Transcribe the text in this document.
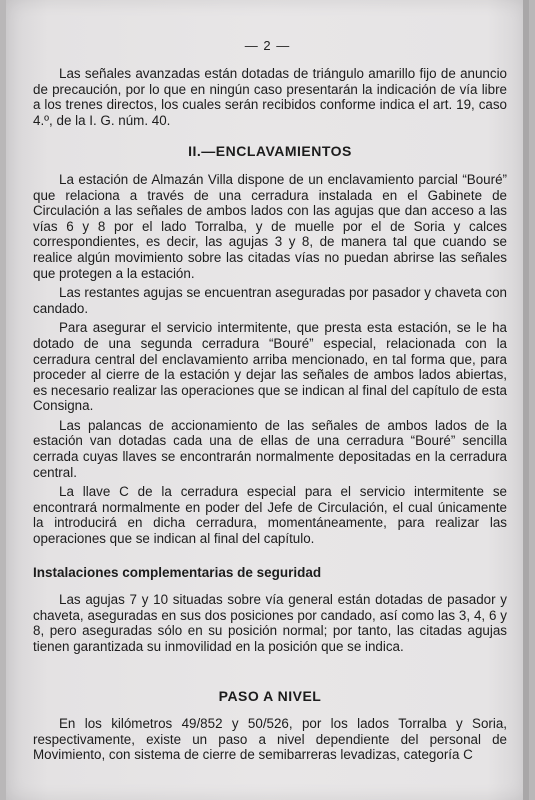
— 2 —

Las señales avanzadas están dotadas de triángulo amarillo fijo de anuncio de precaución, por lo que en ningún caso presentarán la indicación de vía libre a los trenes directos, los cuales serán recibidos conforme indica el art. 19, caso 4.º, de la I. G. núm. 40.

II.—ENCLAVAMIENTOS

La estación de Almazán Villa dispone de un enclavamiento parcial “Bouré” que relaciona a través de una cerradura instalada en el Gabinete de Circulación a las señales de ambos lados con las agujas que dan acceso a las vías 6 y 8 por el lado Torralba, y de muelle por el de Soria y calces correspondientes, es decir, las agujas 3 y 8, de manera tal que cuando se realice algún movimiento sobre las citadas vías no puedan abrirse las señales que protegen a la estación.

Las restantes agujas se encuentran aseguradas por pasador y chaveta con candado.

Para asegurar el servicio intermitente, que presta esta estación, se le ha dotado de una segunda cerradura “Bouré” especial, relacionada con la cerradura central del enclavamiento arriba mencionado, en tal forma que, para proceder al cierre de la estación y dejar las señales de ambos lados abiertas, es necesario realizar las operaciones que se indican al final del capítulo de esta Consigna.

Las palancas de accionamiento de las señales de ambos lados de la estación van dotadas cada una de ellas de una cerradura “Bouré” sencilla cerrada cuyas llaves se encontrarán normalmente depositadas en la cerradura central.

La llave C de la cerradura especial para el servicio intermitente se encontrará normalmente en poder del Jefe de Circulación, el cual únicamente la introducirá en dicha cerradura, momentáneamente, para realizar las operaciones que se indican al final del capítulo.

Instalaciones complementarias de seguridad

Las agujas 7 y 10 situadas sobre vía general están dotadas de pasador y chaveta, aseguradas en sus dos posiciones por candado, así como las 3, 4, 6 y 8, pero aseguradas sólo en su posición normal; por tanto, las citadas agujas tienen garantizada su inmovilidad en la posición que se indica.

PASO A NIVEL

En los kilómetros 49/852 y 50/526, por los lados Torralba y Soria, respectivamente, existe un paso a nivel dependiente del personal de Movimiento, con sistema de cierre de semibarreras levadizas, categoría C
